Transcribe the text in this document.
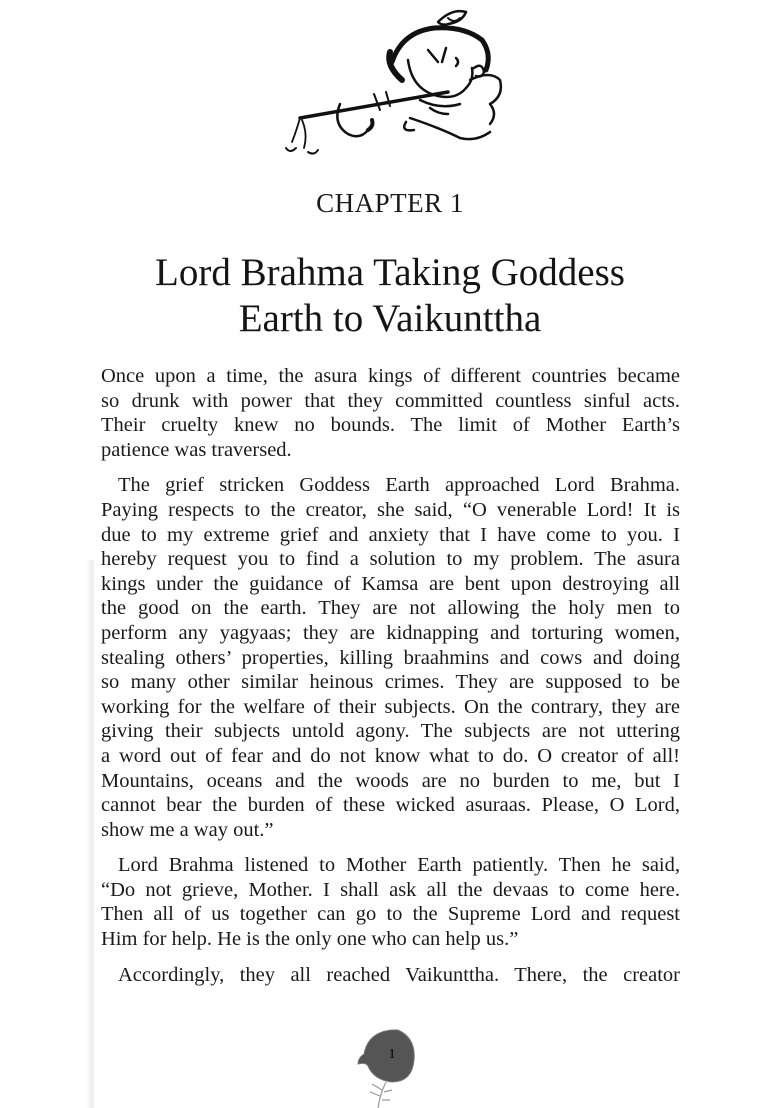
CHAPTER 1
Lord Brahma Taking Goddess
Earth to Vaikunttha
Once upon a time, the asura kings of different countries became
so drunk with power that they committed countless sinful acts.
Their cruelty knew no bounds. The limit of Mother Earth’s
patience was traversed.
The grief stricken Goddess Earth approached Lord Brahma.
Paying respects to the creator, she said, “O venerable Lord! It is
due to my extreme grief and anxiety that I have come to you. I
hereby request you to find a solution to my problem. The asura
kings under the guidance of Kamsa are bent upon destroying all
the good on the earth. They are not allowing the holy men to
perform any yagyaas; they are kidnapping and torturing women,
stealing others’ properties, killing braahmins and cows and doing
so many other similar heinous crimes. They are supposed to be
working for the welfare of their subjects. On the contrary, they are
giving their subjects untold agony. The subjects are not uttering
a word out of fear and do not know what to do. O creator of all!
Mountains, oceans and the woods are no burden to me, but I
cannot bear the burden of these wicked asuraas. Please, O Lord,
show me a way out.”
Lord Brahma listened to Mother Earth patiently. Then he said,
“Do not grieve, Mother. I shall ask all the devaas to come here.
Then all of us together can go to the Supreme Lord and request
Him for help. He is the only one who can help us.”
Accordingly, they all reached Vaikunttha. There, the creator
1
